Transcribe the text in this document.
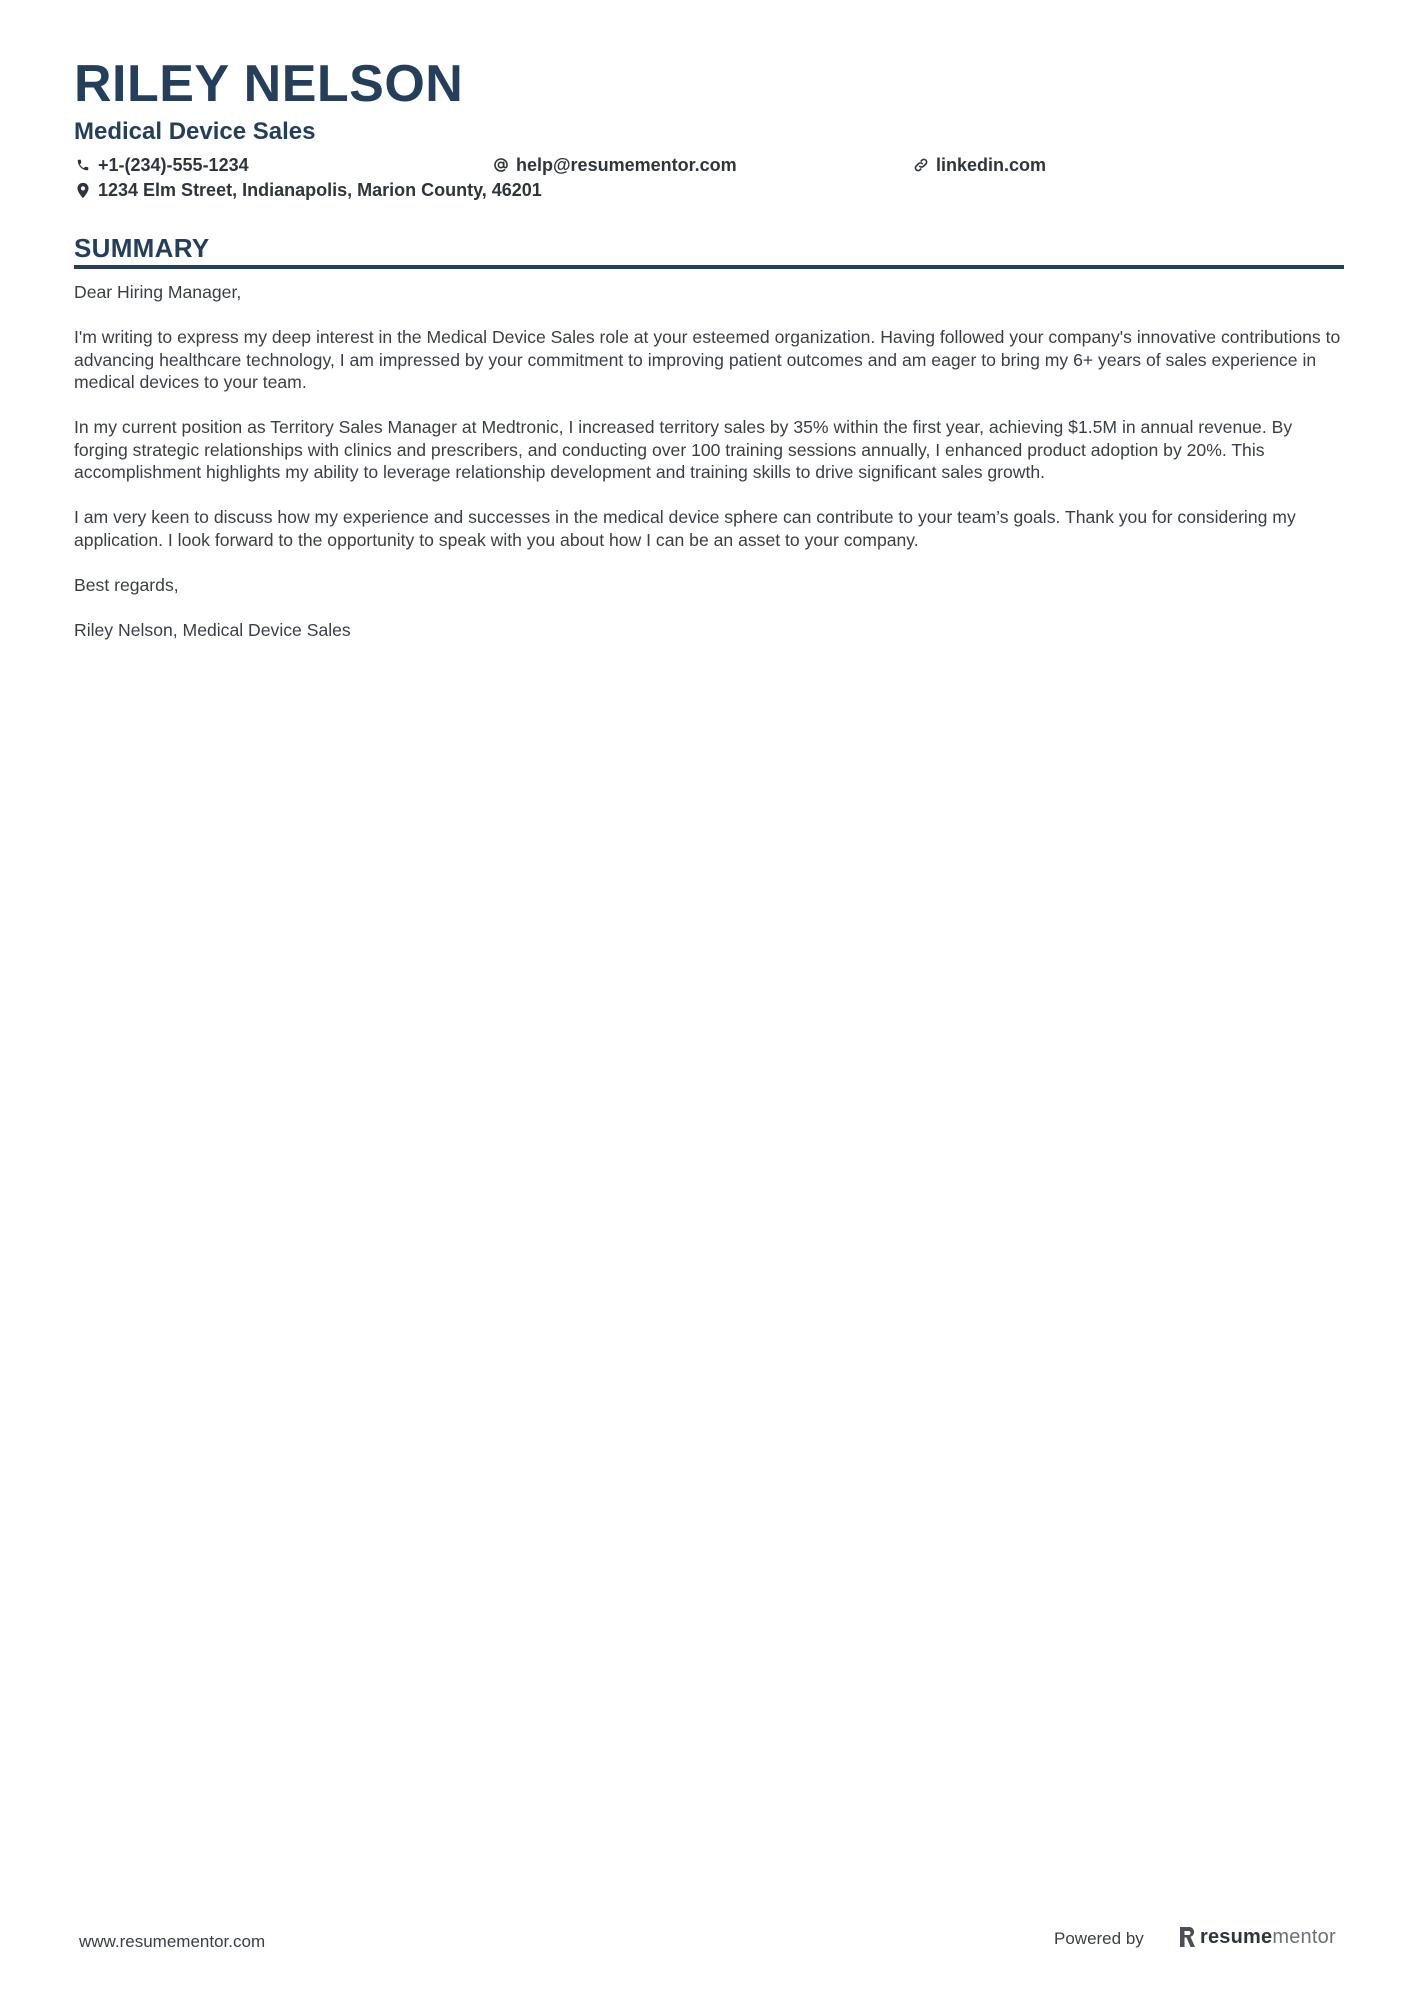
RILEY NELSON
Medical Device Sales
+1-(234)-555-1234	help@resumementor.com	linkedin.com
1234 Elm Street, Indianapolis, Marion County, 46201
SUMMARY

Dear Hiring Manager,

I'm writing to express my deep interest in the Medical Device Sales role at your esteemed organization. Having followed your company's innovative contributions to advancing healthcare technology, I am impressed by your commitment to improving patient outcomes and am eager to bring my 6+ years of sales experience in medical devices to your team.

In my current position as Territory Sales Manager at Medtronic, I increased territory sales by 35% within the first year, achieving $1.5M in annual revenue. By forging strategic relationships with clinics and prescribers, and conducting over 100 training sessions annually, I enhanced product adoption by 20%. This accomplishment highlights my ability to leverage relationship development and training skills to drive significant sales growth.

I am very keen to discuss how my experience and successes in the medical device sphere can contribute to your team’s goals. Thank you for considering my application. I look forward to the opportunity to speak with you about how I can be an asset to your company.

Best regards,

Riley Nelson, Medical Device Sales

www.resumementor.com	Powered by	resumementor
